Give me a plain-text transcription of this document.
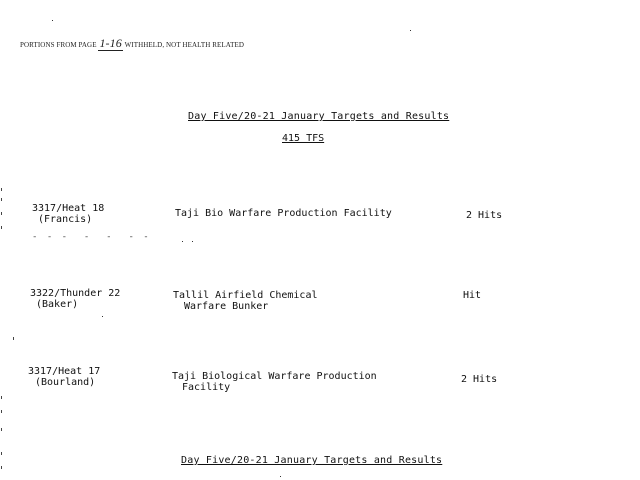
PORTIONS FROM PAGE 1-16 WITHHELD, NOT HEALTH RELATED
Day Five/20-21 January Targets and Results
415 TFS
3317/Heat 18
(Francis)
Taji Bio Warfare Production Facility	2 Hits
- - -  -  -  - -
3322/Thunder 22
(Baker)
Tallil Airfield Chemical
Warfare Bunker
Hit
3317/Heat 17
(Bourland)
Taji Biological Warfare Production
Facility
2 Hits
Day Five/20-21 January Targets and Results
